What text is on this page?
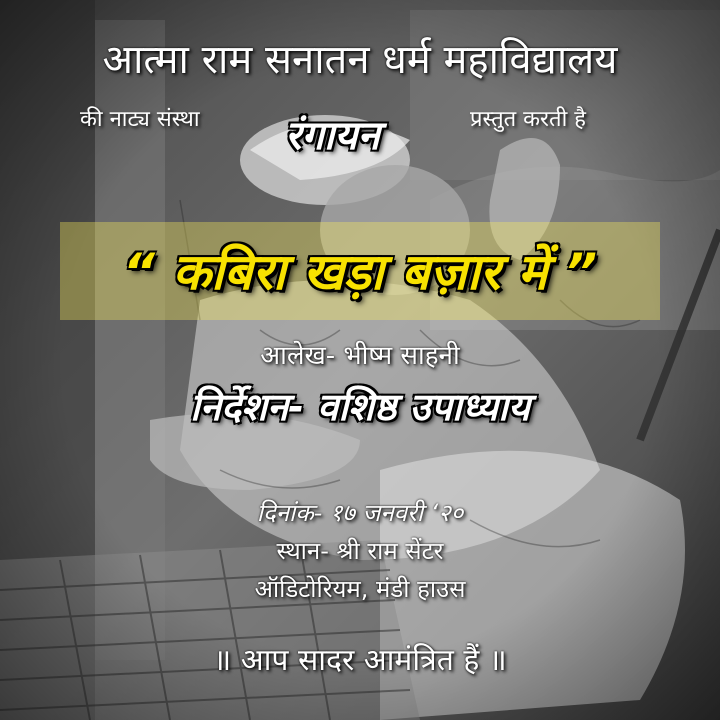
आत्मा राम सनातन धर्म महाविद्यालय
की नाट्य संस्था रंगायन	प्रस्तुत करती है
“ कबिरा खड़ा बज़ार में ”
आलेख- भीष्म साहनी
निर्देशन- वशिष्ठ उपाध्याय
दिनांक- १७ जनवरी ‘२०
स्थान- श्री राम सेंटर
ऑडिटोरियम, मंडी हाउस
॥ आप सादर आमंत्रित हैं ॥
